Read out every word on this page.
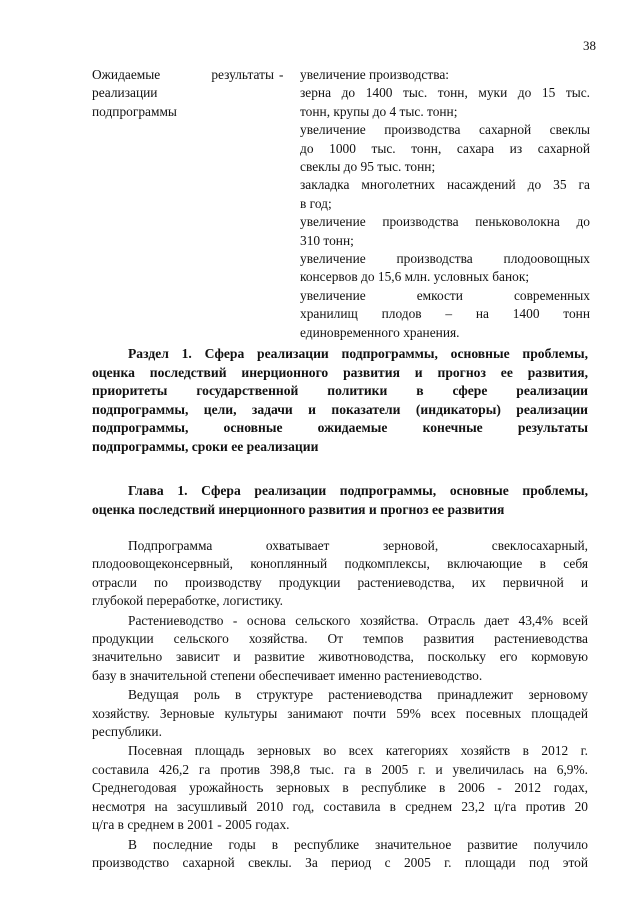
38
Ожидаемые результаты
реализации
подпрограммы
-	увеличение производства:
зерна до 1400 тыс. тонн, муки до 15 тыс.
тонн, крупы до 4 тыс. тонн;
увеличение производства сахарной свеклы
до 1000 тыс. тонн, сахара из сахарной
свеклы до 95 тыс. тонн;
закладка многолетних насаждений до 35 га
в год;
увеличение производства пеньковолокна до
310 тонн;
увеличение производства плодоовощных
консервов до 15,6 млн. условных банок;
увеличение емкости современных
хранилищ плодов – на 1400 тонн
единовременного хранения.
Раздел 1. Сфера реализации подпрограммы, основные проблемы,
оценка последствий инерционного развития и прогноз ее развития,
приоритеты государственной политики в сфере реализации
подпрограммы, цели, задачи и показатели (индикаторы) реализации
подпрограммы, основные ожидаемые конечные результаты
подпрограммы, сроки ее реализации
Глава 1. Сфера реализации подпрограммы, основные проблемы,
оценка последствий инерционного развития и прогноз ее развития
Подпрограмма охватывает зерновой, свеклосахарный,
плодоовощеконсервный, коноплянный подкомплексы, включающие в себя
отрасли по производству продукции растениеводства, их первичной и
глубокой переработке, логистику.
Растениеводство - основа сельского хозяйства. Отрасль дает 43,4% всей
продукции сельского хозяйства. От темпов развития растениеводства
значительно зависит и развитие животноводства, поскольку его кормовую
базу в значительной степени обеспечивает именно растениеводство.
Ведущая роль в структуре растениеводства принадлежит зерновому
хозяйству. Зерновые культуры занимают почти 59% всех посевных площадей
республики.
Посевная площадь зерновых во всех категориях хозяйств в 2012 г.
составила 426,2 га против 398,8 тыс. га в 2005 г. и увеличилась на 6,9%.
Среднегодовая урожайность зерновых в республике в 2006 - 2012 годах,
несмотря на засушливый 2010 год, составила в среднем 23,2 ц/га против 20
ц/га в среднем в 2001 - 2005 годах.
В последние годы в республике значительное развитие получило
производство сахарной свеклы. За период с 2005 г. площади под этой
